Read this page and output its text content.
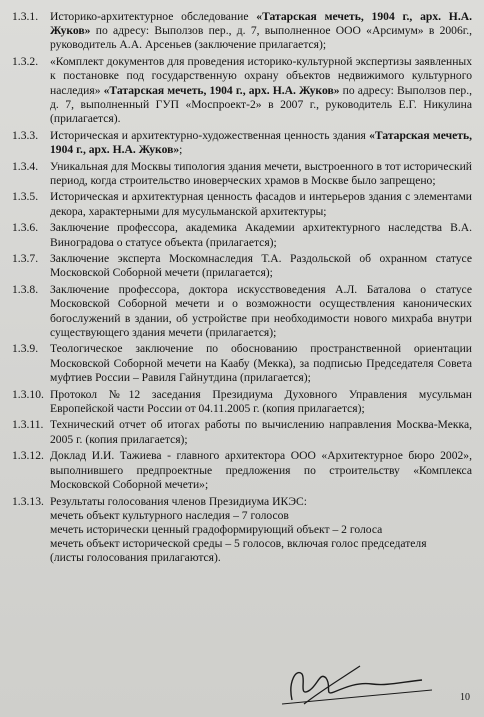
1.3.1.	Историко-архитектурное обследование «Татарская мечеть, 1904 г., арх. Н.А. Жуков» по адресу: Выползов пер., д. 7, выполненное ООО «Арсимум» в 2006г., руководитель А.А. Арсеньев (заключение прилагается);
1.3.2.	«Комплект документов для проведения историко-культурной экспертизы заявленных к постановке под государственную охрану объектов недвижимого культурного наследия» «Татарская мечеть, 1904 г., арх. Н.А. Жуков» по адресу: Выползов пер., д. 7, выполненный ГУП «Моспроект-2» в 2007 г., руководитель Е.Г. Никулина (прилагается).
1.3.3.	Историческая и архитектурно-художественная ценность здания «Татарская мечеть, 1904 г., арх. Н.А. Жуков»;
1.3.4.	Уникальная для Москвы типология здания мечети, выстроенного в тот исторический период, когда строительство иноверческих храмов в Москве было запрещено;
1.3.5.	Историческая и архитектурная ценность фасадов и интерьеров здания с элементами декора, характерными для мусульманской архитектуры;
1.3.6.	Заключение профессора, академика Академии архитектурного наследства В.А. Виноградова о статусе объекта (прилагается);
1.3.7.	Заключение эксперта Москомнаследия Т.А. Раздольской об охранном статусе Московской Соборной мечети (прилагается);
1.3.8.	Заключение профессора, доктора искусствоведения А.Л. Баталова о статусе Московской Соборной мечети и о возможности осуществления канонических богослужений в здании, об устройстве при необходимости нового михраба внутри существующего здания мечети (прилагается);
1.3.9.	Теологическое заключение по обоснованию пространственной ориентации Московской Соборной мечети на Каабу (Мекка), за подписью Председателя Совета муфтиев России – Равиля Гайнутдина (прилагается);
1.3.10. Протокол №12 заседания Президиума Духовного Управления мусульман Европейской части России от 04.11.2005 г. (копия прилагается);
1.3.11. Технический отчет об итогах работы по вычислению направления Москва-Мекка, 2005 г. (копия прилагается);
1.3.12. Доклад И.И. Тажиева - главного архитектора ООО «Архитектурное бюро 2002», выполнившего предпроектные предложения по строительству «Комплекса Московской Соборной мечети»;
1.3.13. Результаты голосования членов Президиума ИКЭС:
мечеть объект культурного наследия – 7 голосов
мечеть исторически ценный градоформирующий объект – 2 голоса
мечеть объект исторической среды – 5 голосов, включая голос председателя
(листы голосования прилагаются).
10
